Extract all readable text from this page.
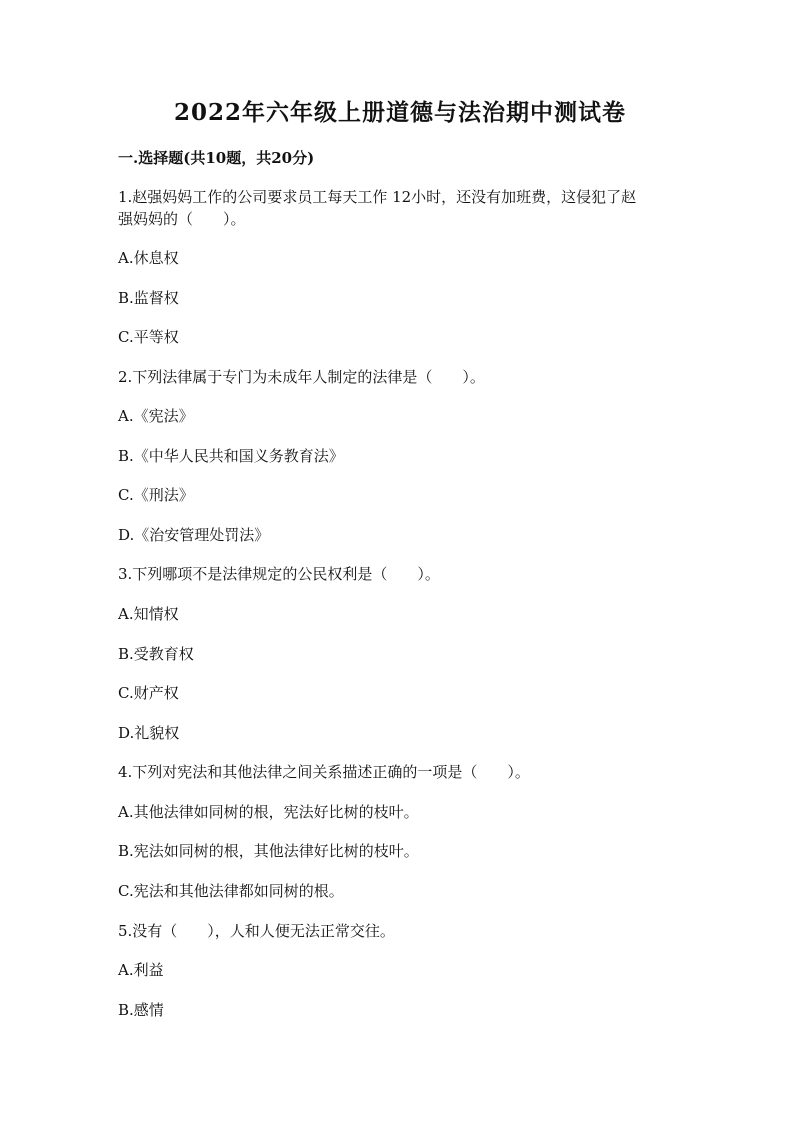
2022年六年级上册道德与法治期中测试卷
一.选择题(共10题，共20分)
1.赵强妈妈工作的公司要求员工每天工作 12小时，还没有加班费，这侵犯了赵
强妈妈的（　　）。
A.休息权
B.监督权
C.平等权
2.下列法律属于专门为未成年人制定的法律是（　　）。
A.《宪法》
B.《中华人民共和国义务教育法》
C.《刑法》
D.《治安管理处罚法》
3.下列哪项不是法律规定的公民权利是（　　）。
A.知情权
B.受教育权
C.财产权
D.礼貌权
4.下列对宪法和其他法律之间关系描述正确的一项是（　　）。
A.其他法律如同树的根，宪法好比树的枝叶。
B.宪法如同树的根，其他法律好比树的枝叶。
C.宪法和其他法律都如同树的根。
5.没有（　　），人和人便无法正常交往。
A.利益
B.感情
